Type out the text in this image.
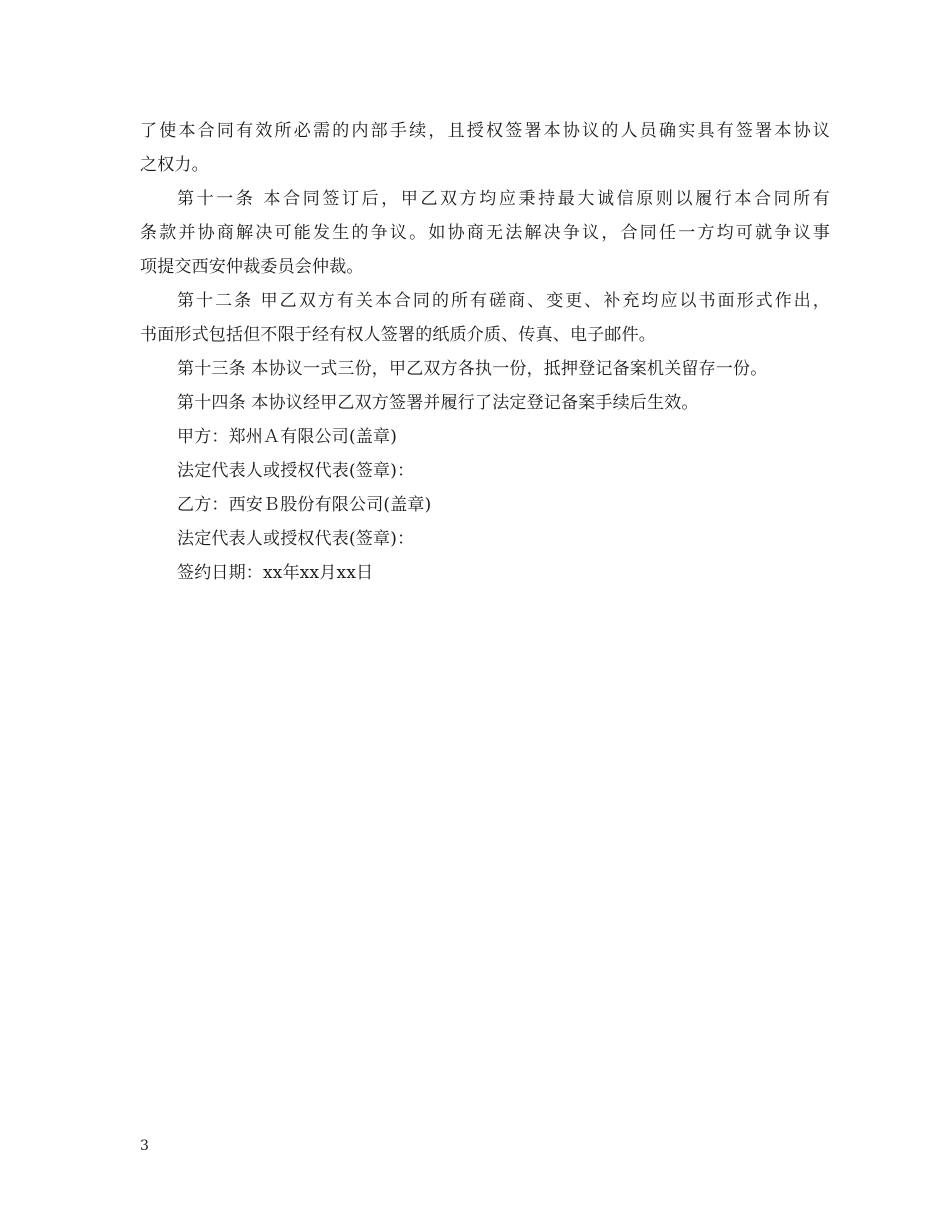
了使本合同有效所必需的内部手续，且授权签署本协议的人员确实具有签署本协议
之权力。
第十一条 本合同签订后，甲乙双方均应秉持最大诚信原则以履行本合同所有
条款并协商解决可能发生的争议。如协商无法解决争议，合同任一方均可就争议事
项提交西安仲裁委员会仲裁。
第十二条 甲乙双方有关本合同的所有磋商、变更、补充均应以书面形式作出，
书面形式包括但不限于经有权人签署的纸质介质、传真、电子邮件。
第十三条 本协议一式三份，甲乙双方各执一份，抵押登记备案机关留存一份。
第十四条 本协议经甲乙双方签署并履行了法定登记备案手续后生效。
甲方：郑州Ａ有限公司(盖章)
法定代表人或授权代表(签章)：
乙方：西安Ｂ股份有限公司(盖章)
法定代表人或授权代表(签章)：
签约日期：xx年xx月xx日
3
